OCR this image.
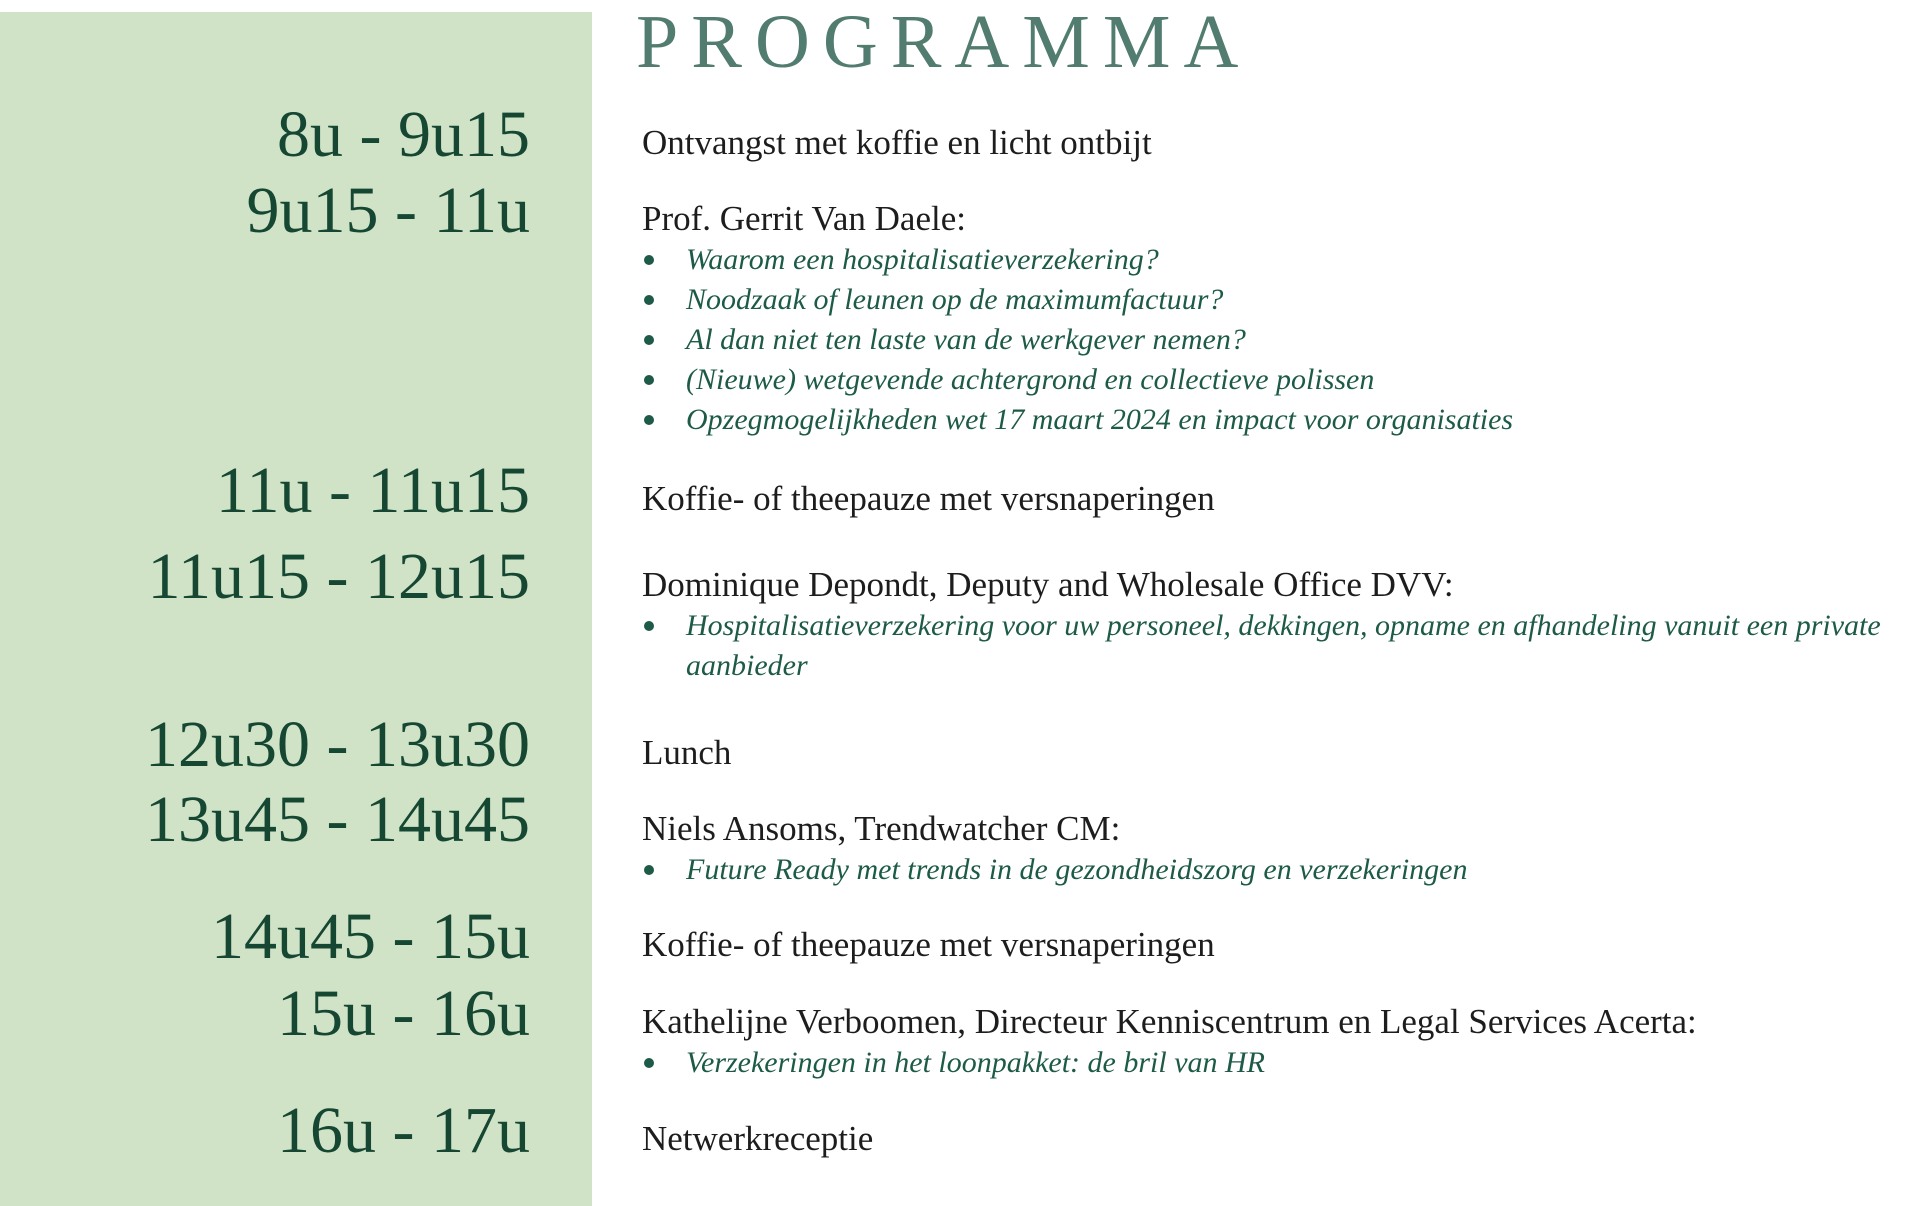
PROGRAMMA
8u - 9u15
9u15 - 11u
11u - 11u15
11u15 - 12u15
12u30 - 13u30
13u45 - 14u45
14u45 - 15u
15u - 16u
16u - 17u
Ontvangst met koffie en licht ontbijt
Prof. Gerrit Van Daele:
Waarom een hospitalisatieverzekering?
Noodzaak of leunen op de maximumfactuur?
Al dan niet ten laste van de werkgever nemen?
(Nieuwe) wetgevende achtergrond en collectieve polissen
Opzegmogelijkheden wet 17 maart 2024 en impact voor organisaties
Koffie- of theepauze met versnaperingen
Dominique Depondt, Deputy and Wholesale Office DVV:
Hospitalisatieverzekering voor uw personeel, dekkingen, opname en afhandeling vanuit een private aanbieder
Lunch
Niels Ansoms, Trendwatcher CM:
Future Ready met trends in de gezondheidszorg en verzekeringen
Koffie- of theepauze met versnaperingen
Kathelijne Verboomen, Directeur Kenniscentrum en Legal Services Acerta:
Verzekeringen in het loonpakket: de bril van HR
Netwerkreceptie
